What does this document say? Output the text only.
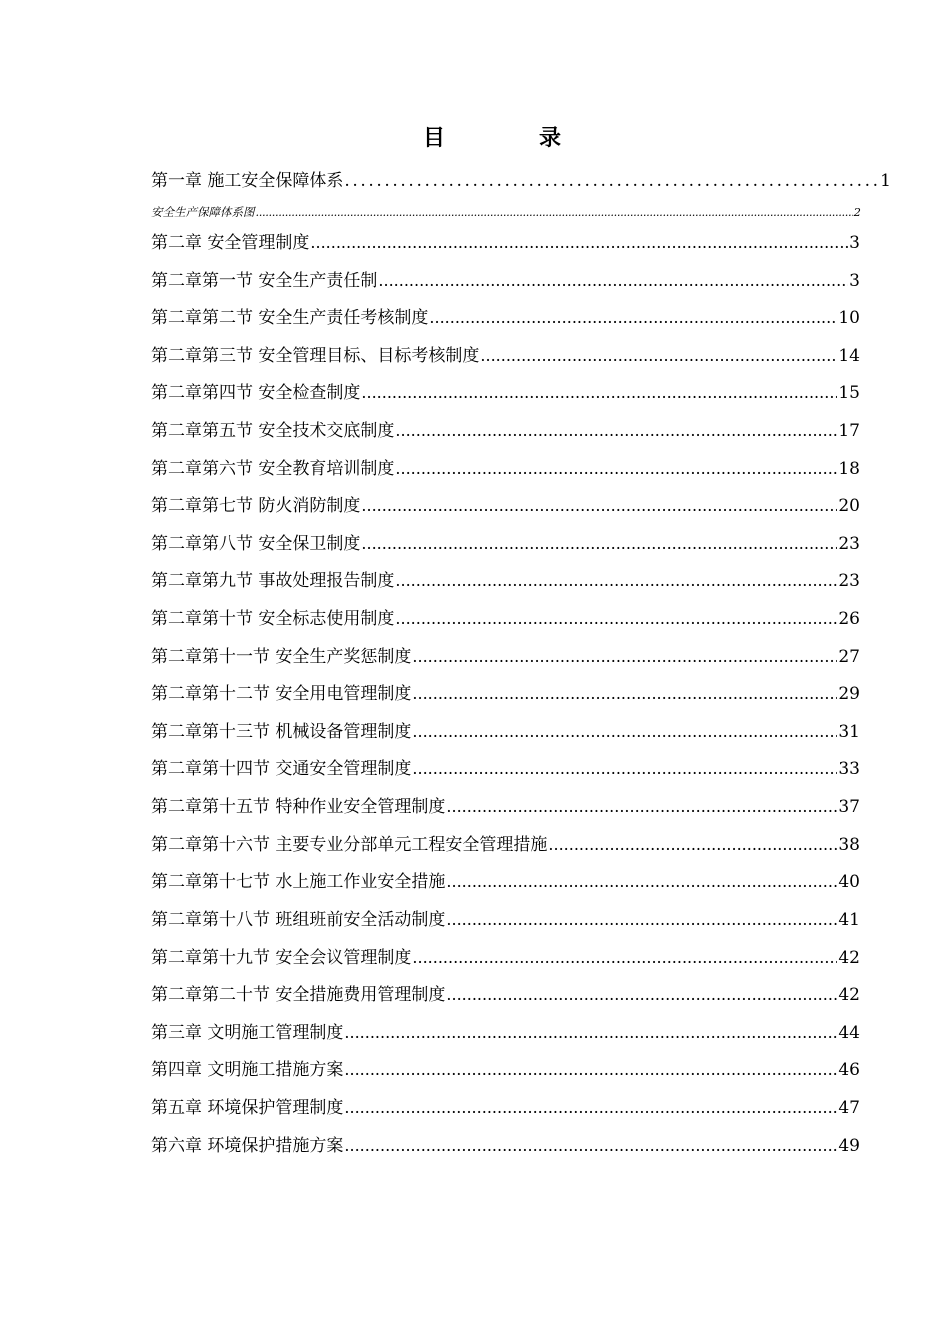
目　录
第一章 施工安全保障体系 .....	1
安全生产保障体系图 .....	2
第二章 安全管理制度 .....	3
第二章第一节 安全生产责任制 .....	3
第二章第二节 安全生产责任考核制度 .....	10
第二章第三节 安全管理目标、目标考核制度 .....	14
第二章第四节 安全检查制度 .....	15
第二章第五节 安全技术交底制度 .....	17
第二章第六节 安全教育培训制度 .....	18
第二章第七节 防火消防制度 .....	20
第二章第八节 安全保卫制度 .....	23
第二章第九节 事故处理报告制度 .....	23
第二章第十节 安全标志使用制度 .....	26
第二章第十一节 安全生产奖惩制度 .....	27
第二章第十二节 安全用电管理制度 .....	29
第二章第十三节 机械设备管理制度 .....	31
第二章第十四节 交通安全管理制度 .....	33
第二章第十五节 特种作业安全管理制度 .....	37
第二章第十六节 主要专业分部单元工程安全管理措施 .....	38
第二章第十七节 水上施工作业安全措施 .....	40
第二章第十八节 班组班前安全活动制度 .....	41
第二章第十九节 安全会议管理制度 .....	42
第二章第二十节 安全措施费用管理制度 .....	42
第三章 文明施工管理制度 .....	44
第四章 文明施工措施方案 .....	46
第五章 环境保护管理制度 .....	47
第六章 环境保护措施方案 .....	49
